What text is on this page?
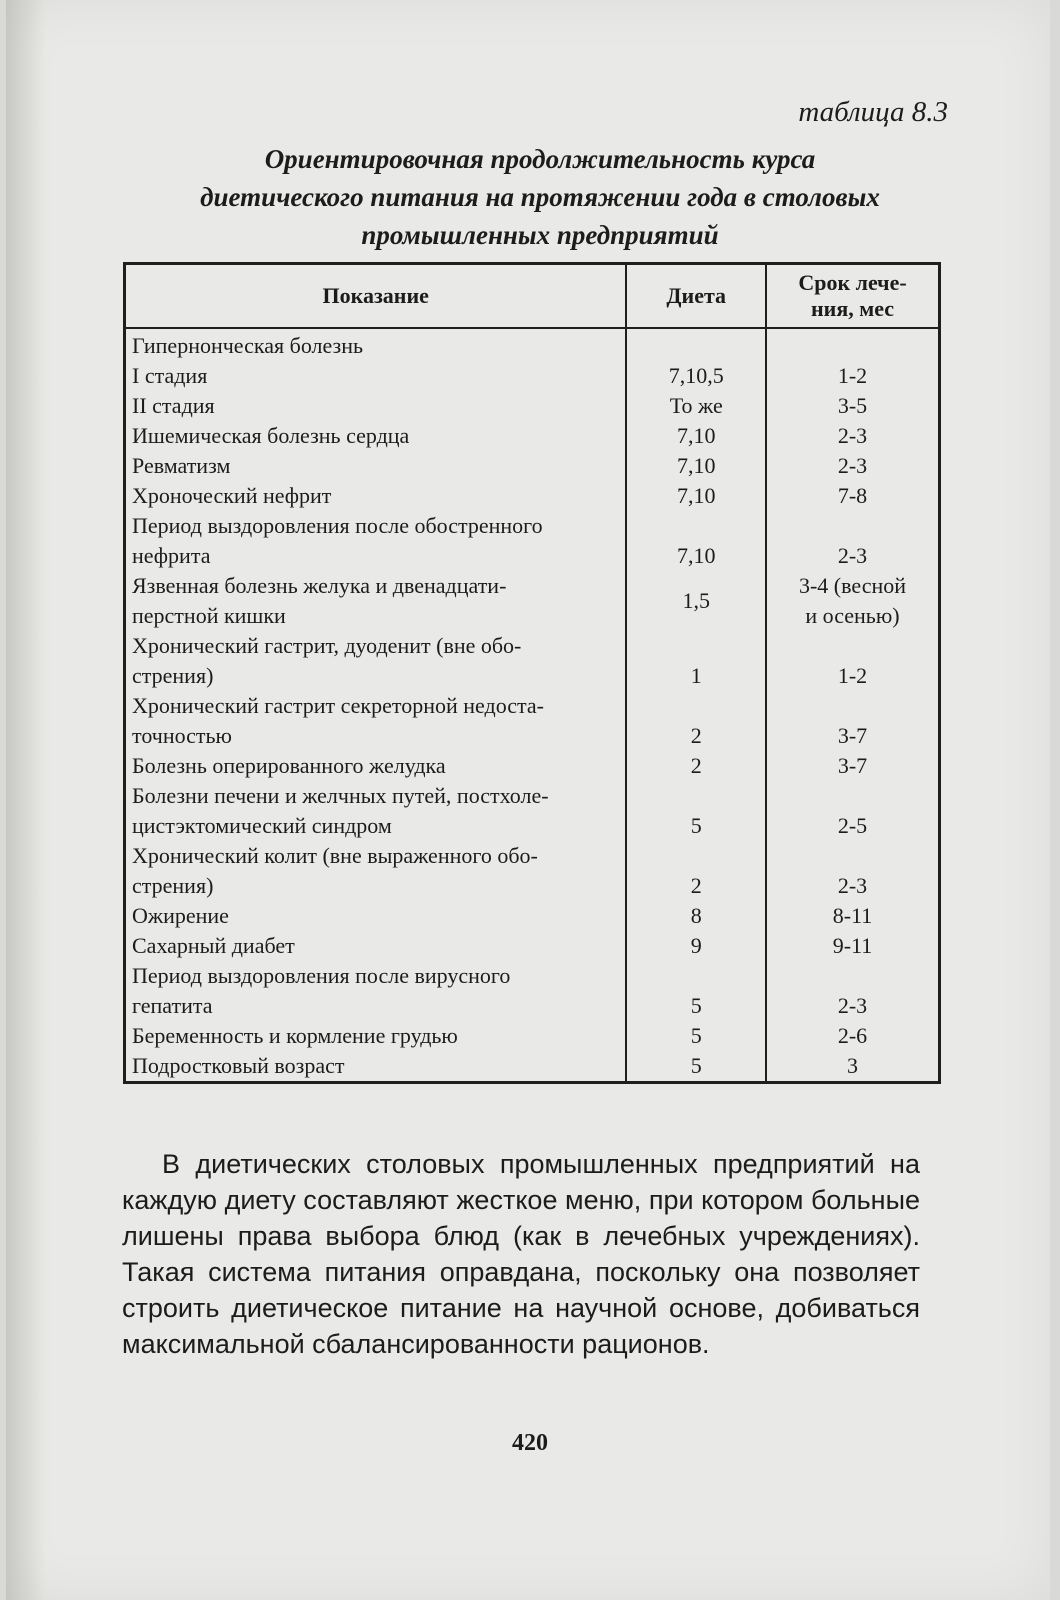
таблица 8.3
Ориентировочная продолжительность курса
диетического питания на протяжении года в столовых
промышленных предприятий
Показание	Диета	Срок лече-
ния, мес
Гипернонческая болезнь		
I стадия	7,10,5	1-2
II стадия	То же	3-5
Ишемическая болезнь сердца	7,10	2-3
Ревматизм	7,10	2-3
Хроноческий нефрит	7,10	7-8
Период выздоровления после обостренного
нефрита	7,10	2-3
Язвенная болезнь желука и двенадцати-
перстной кишки	1,5	3-4 (весной
и осенью)
Хронический гастрит, дуоденит (вне обо-
стрения)	1	1-2
Хронический гастрит секреторной недоста-
точностью	2	3-7
Болезнь оперированного желудка	2	3-7
Болезни печени и желчных путей, постхоле-
цистэктомический синдром	5	2-5
Хронический колит (вне выраженного обо-
стрения)	2	2-3
Ожирение	8	8-11
Сахарный диабет	9	9-11
Период выздоровления после вирусного
гепатита	5	2-3
Беременность и кормление грудью	5	2-6
Подростковый возраст	5	3
В диетических столовых промышленных предприятий на каждую диету составляют жесткое меню, при котором больные лишены права выбора блюд (как в лечебных учреждениях). Такая система питания оправдана, поскольку она позволяет строить диетическое питание на научной основе, добиваться максимальной сбалансированности рационов.
420
